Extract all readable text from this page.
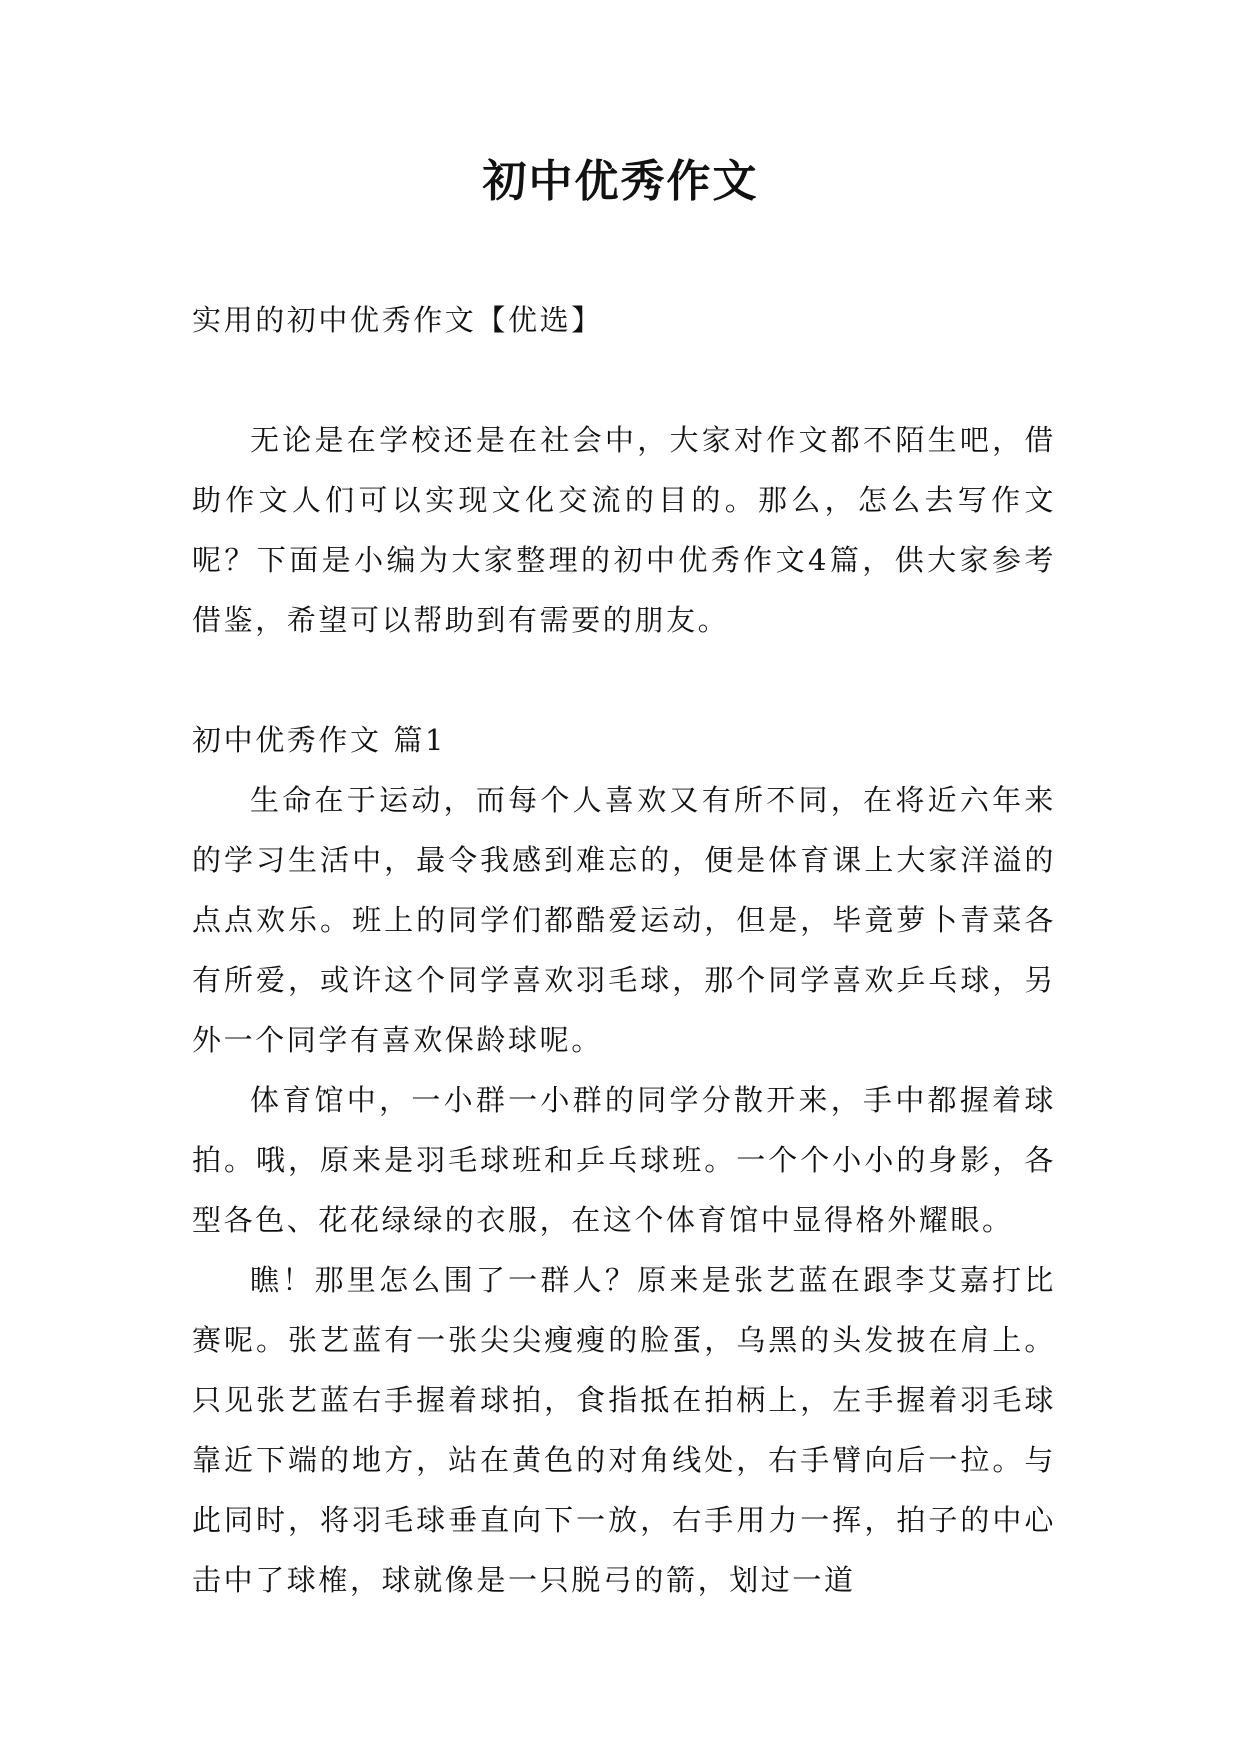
初中优秀作文

实用的初中优秀作文【优选】

无论是在学校还是在社会中，大家对作文都不陌生吧，借助作文人们可以实现文化交流的目的。那么，怎么去写作文呢？下面是小编为大家整理的初中优秀作文4篇，供大家参考借鉴，希望可以帮助到有需要的朋友。

初中优秀作文 篇1

生命在于运动，而每个人喜欢又有所不同，在将近六年来的学习生活中，最令我感到难忘的，便是体育课上大家洋溢的点点欢乐。班上的同学们都酷爱运动，但是，毕竟萝卜青菜各有所爱，或许这个同学喜欢羽毛球，那个同学喜欢乒乓球，另外一个同学有喜欢保龄球呢。

体育馆中，一小群一小群的同学分散开来，手中都握着球拍。哦，原来是羽毛球班和乒乓球班。一个个小小的身影，各型各色、花花绿绿的衣服，在这个体育馆中显得格外耀眼。

瞧！那里怎么围了一群人？原来是张艺蓝在跟李艾嘉打比赛呢。张艺蓝有一张尖尖瘦瘦的脸蛋，乌黑的头发披在肩上。只见张艺蓝右手握着球拍，食指抵在拍柄上，左手握着羽毛球靠近下端的地方，站在黄色的对角线处，右手臂向后一拉。与此同时，将羽毛球垂直向下一放，右手用力一挥，拍子的中心击中了球榷，球就像是一只脱弓的箭，划过一道
